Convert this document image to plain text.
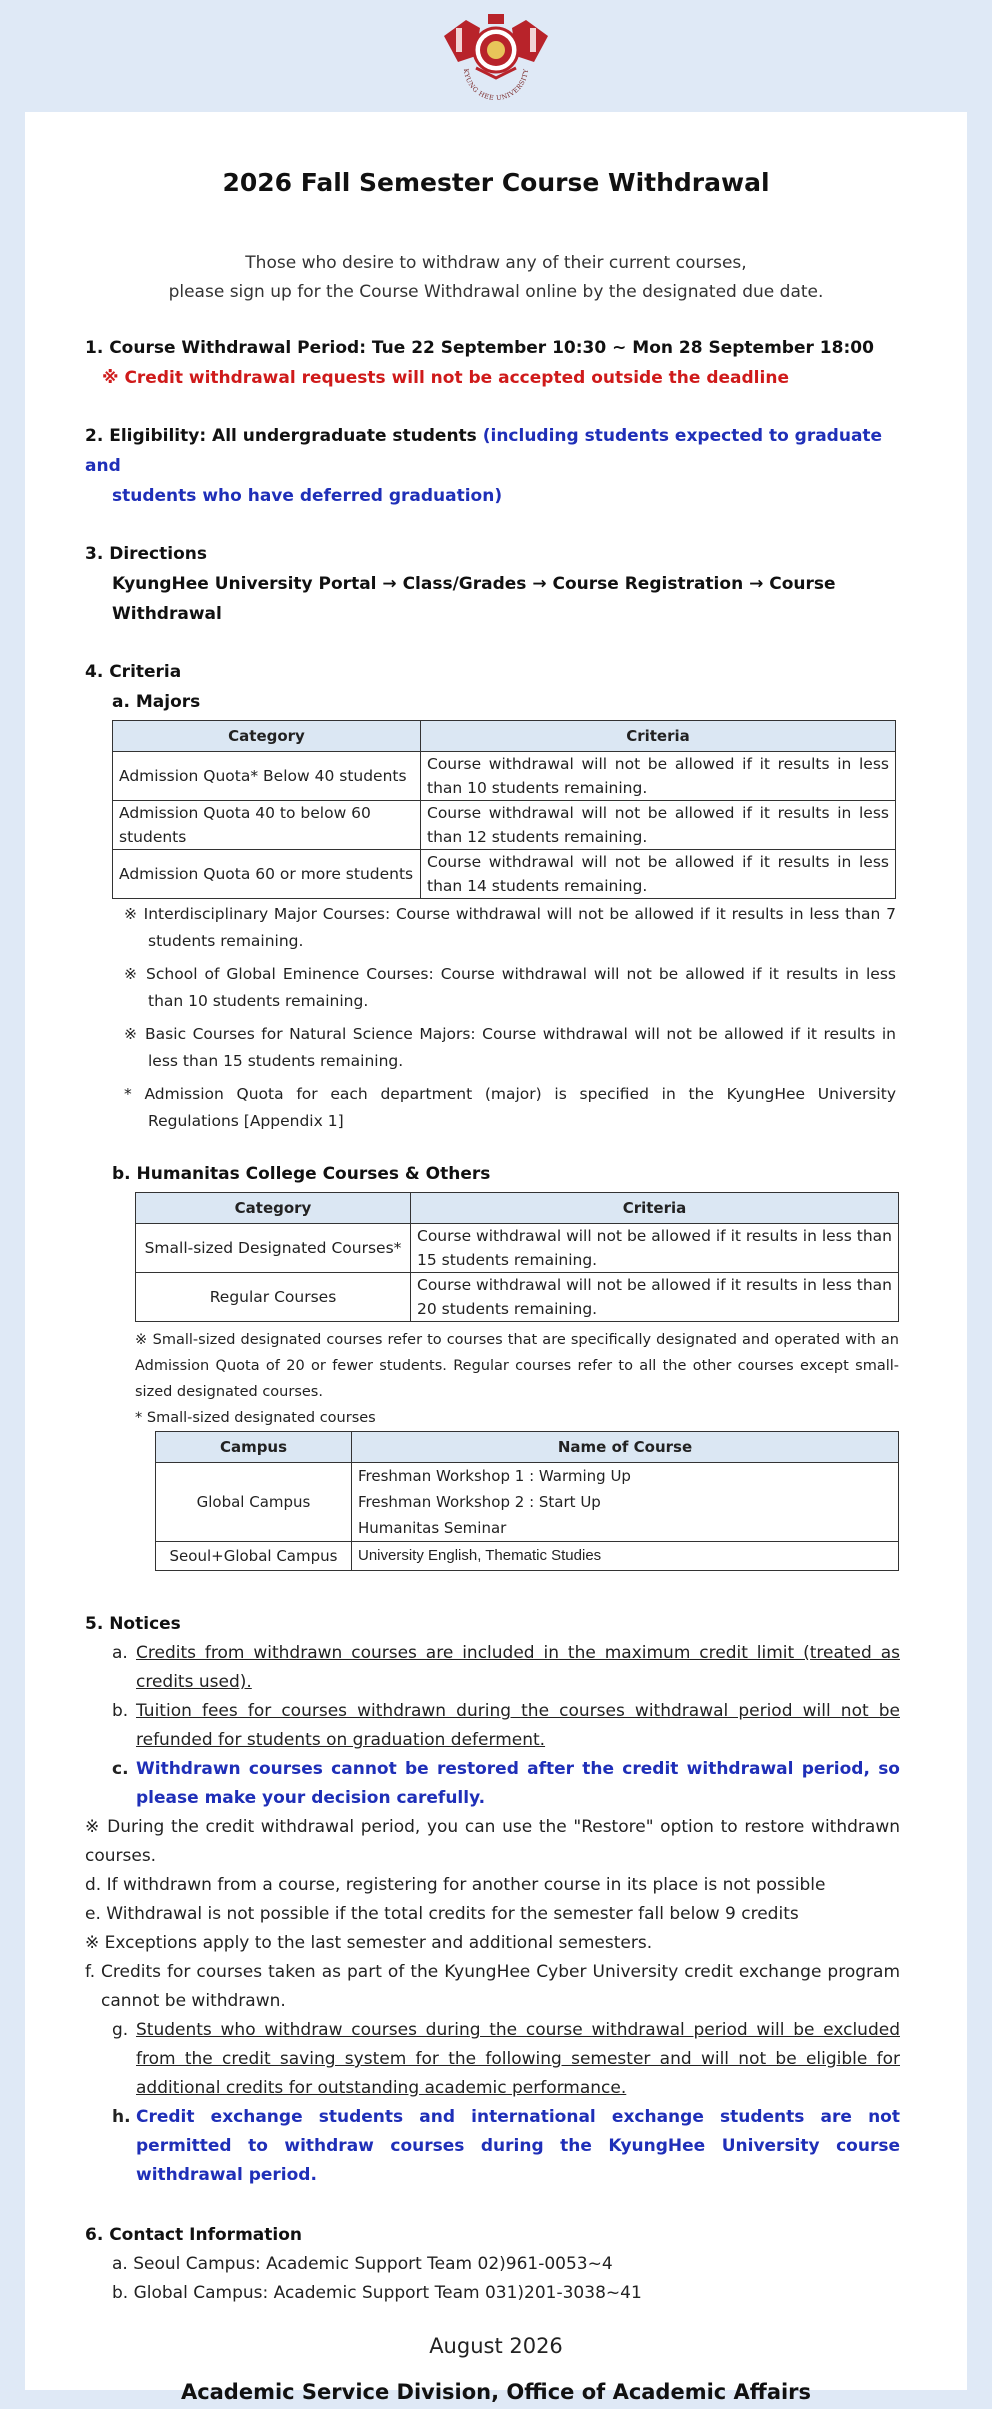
KYUNG HEE UNIVERSITY
2026 Fall Semester Course Withdrawal
Those who desire to withdraw any of their current courses,
please sign up for the Course Withdrawal online by the designated due date.
1. Course Withdrawal Period: Tue 22 September 10:30 ~ Mon 28 September 18:00
※ Credit withdrawal requests will not be accepted outside the deadline
2. Eligibility: All undergraduate students (including students expected to graduate and
students who have deferred graduation)
3. Directions
KyungHee University Portal → Class/Grades → Course Registration → Course Withdrawal
4. Criteria
a. Majors
Category	Criteria
Admission Quota* Below 40 students	Course withdrawal will not be allowed if it results in less than 10 students remaining.
Admission Quota 40 to below 60 students	Course withdrawal will not be allowed if it results in less than 12 students remaining.
Admission Quota 60 or more students	Course withdrawal will not be allowed if it results in less than 14 students remaining.
※ Interdisciplinary Major Courses: Course withdrawal will not be allowed if it results in less than 7 students remaining.
※ School of Global Eminence Courses: Course withdrawal will not be allowed if it results in less than 10 students remaining.
※ Basic Courses for Natural Science Majors: Course withdrawal will not be allowed if it results in less than 15 students remaining.
* Admission Quota for each department (major) is specified in the KyungHee University Regulations [Appendix 1]
b. Humanitas College Courses & Others
Category	Criteria
Small-sized Designated Courses*	Course withdrawal will not be allowed if it results in less than 15 students remaining.
Regular Courses	Course withdrawal will not be allowed if it results in less than 20 students remaining.
※ Small-sized designated courses refer to courses that are specifically designated and operated with an Admission Quota of 20 or fewer students. Regular courses refer to all the other courses except small-sized designated courses.
* Small-sized designated courses
Campus	Name of Course
Global Campus	Freshman Workshop 1 : Warming Up
Freshman Workshop 2 : Start Up
Humanitas Seminar

Seoul+Global Campus	University English, Thematic Studies
5. Notices
a. Credits from withdrawn courses are included in the maximum credit limit (treated as credits used).
b. Tuition fees for courses withdrawn during the courses withdrawal period will not be refunded for students on graduation deferment.
c. Withdrawn courses cannot be restored after the credit withdrawal period, so please make your decision carefully.
※ During the credit withdrawal period, you can use the "Restore" option to restore withdrawn courses.
d. If withdrawn from a course, registering for another course in its place is not possible
e. Withdrawal is not possible if the total credits for the semester fall below 9 credits
※ Exceptions apply to the last semester and additional semesters.
f. Credits for courses taken as part of the KyungHee Cyber University credit exchange program cannot be withdrawn.
g. Students who withdraw courses during the course withdrawal period will be excluded from the credit saving system for the following semester and will not be eligible for additional credits for outstanding academic performance.
h. Credit exchange students and international exchange students are not permitted to withdraw courses during the KyungHee University course withdrawal period.
6. Contact Information
a. Seoul Campus: Academic Support Team 02)961-0053~4
b. Global Campus: Academic Support Team 031)201-3038~41
August 2026
Academic Service Division, Office of Academic Affairs
